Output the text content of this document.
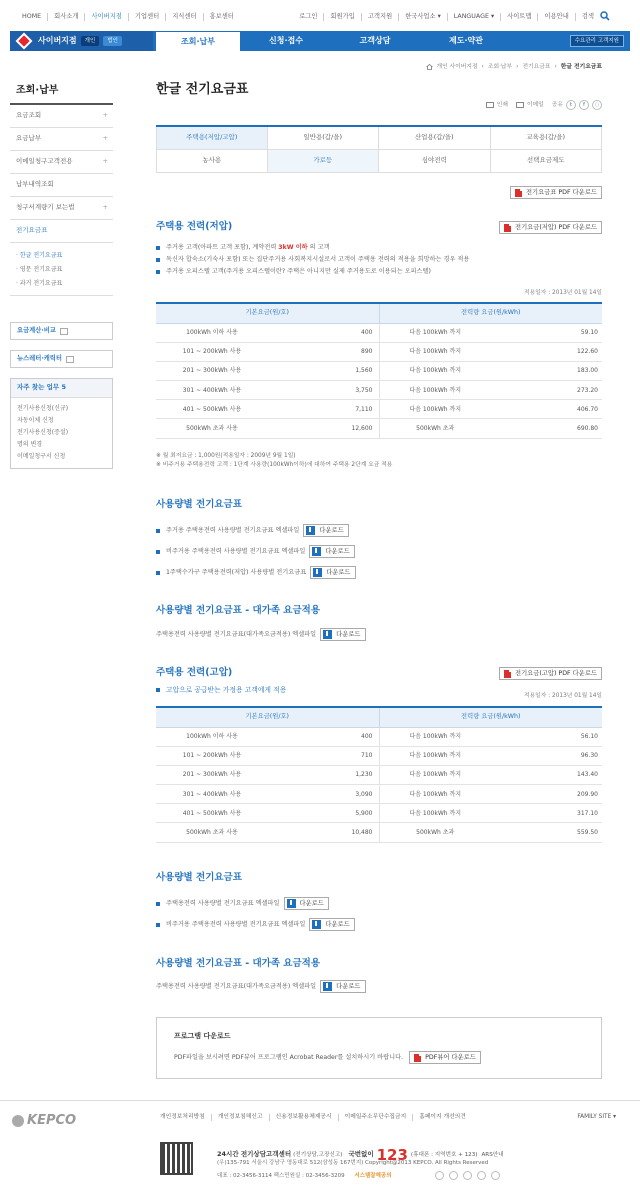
HOME	회사소개	사이버지점	기업센터	지식센터	홍보센터	로그인	회원가입	고객지원	한국사업소 ▾	LANGUAGE ▾	사이트맵	이용안내	검색
사이버지점	개인	법인	조회·납부	신청·접수	고객상담	제도·약관	수요관리 고객지원
조회·납부
요금조회	+
요금납부	+
이메일청구고객전용	+
납부내역조회
청구서계량기 보는법	+
전기요금표
· 한글 전기요금표
· 영문 전기요금표
· 과거 전기요금표
요금계산·비교
뉴스레터·캐릭터
자주 찾는 업무 5
전기사용신청(신규)
자동이체 신청
전기사용신청(증설)
명의 변경
이메일청구서 신청
개인 사이버지점 › 조회·납부 › 전기요금표 › 한글 전기요금표
한글 전기요금표
인쇄	이메일 공유	t	f	◌
주택용(저압/고압)	일반용(갑/을)	산업용(갑/을)	교육용(갑/을)
농사용	가로등	심야전력	선택요금제도
전기요금표 PDF 다운로드
주택용 전력(저압)	전기요금(저압) PDF 다운로드
주거용 고객(아파트 고객 포함), 계약전력 3kW 이하 의 고객
독신자 합숙소(기숙사 포함) 또는 집단주거용 사회복지시설로서 고객이 주택용 전력의 적용을 희망하는 경우 적용
주거용 오피스텔 고객(주거용 오피스텔이란? 주택은 아니지만 실제 주거용도로 이용되는 오피스텔)
적용일자 : 2013년 01월 14일
기본요금(원/호)		전력량 요금(원/kWh)	
100kWh 이하 사용	400	다음 100kWh 까지	59.10
101 ~ 200kWh 사용	890	다음 100kWh 까지	122.60
201 ~ 300kWh 사용	1,560	다음 100kWh 까지	183.00
301 ~ 400kWh 사용	3,750	다음 100kWh 까지	273.20
401 ~ 500kWh 사용	7,110	다음 100kWh 까지	406.70
500kWh 초과 사용	12,600	500kWh 초과	690.80
※ 월 최저요금 : 1,000원(적용일자 : 2009년 9월 1일)
※ 비주거용 주택용전력 고객 : 1단계 사용량(100kWh이하)에 대하여 주택용 2단계 요금 적용
사용량별 전기요금표
주거용 주택용전력 사용량별 전기요금표 엑셀파일	다운로드
비주거용 주택용전력 사용량별 전기요금표 엑셀파일	다운로드
1주택수가구 주택용전력(저압) 사용량별 전기요금표	다운로드
사용량별 전기요금표 - 대가족 요금적용
주택용전력 사용량별 전기요금표(대가족요금적용) 엑셀파일	다운로드
주택용 전력(고압)	전기요금(고압) PDF 다운로드
고압으로 공급받는 가정용 고객에게 적용
적용일자 : 2013년 01월 14일
기본요금(원/호)		전력량 요금(원/kWh)	
100kWh 이하 사용	400	다음 100kWh 까지	56.10
101 ~ 200kWh 사용	710	다음 100kWh 까지	96.30
201 ~ 300kWh 사용	1,230	다음 100kWh 까지	143.40
301 ~ 400kWh 사용	3,090	다음 100kWh 까지	209.90
401 ~ 500kWh 사용	5,900	다음 100kWh 까지	317.10
500kWh 초과 사용	10,480	500kWh 초과	559.50
사용량별 전기요금표
주택용전력 사용량별 전기요금표 엑셀파일	다운로드
비주거용 주택용전력 사용량별 전기요금표 엑셀파일	다운로드
사용량별 전기요금표 - 대가족 요금적용
주택용전력 사용량별 전기요금표(대가족요금적용) 엑셀파일	다운로드
프로그램 다운로드
PDF파일을 보시려면 PDF뷰어 프로그램인 Acrobat Reader를 설치하시기 바랍니다.	PDF뷰어 다운로드
KEPCO	개인정보처리방침	개인정보침해신고	신용정보활용체제공시	이메일주소무단수집금지	홈페이지 개선의견	FAMILY SITE ▾
24시간 전기상담고객센터 (전기상담,고장신고) 국번없이 123 (휴대폰 : 지역번호 + 123) ARS안내
(우)135-791 서울시 강남구 영동대로 512(삼성동 167번지) Copyright@2013 KEPCO. All Rights Reserved
대표 : 02-3456-3114 팩스민원실 : 02-3456-3209 서스템잘해공의
